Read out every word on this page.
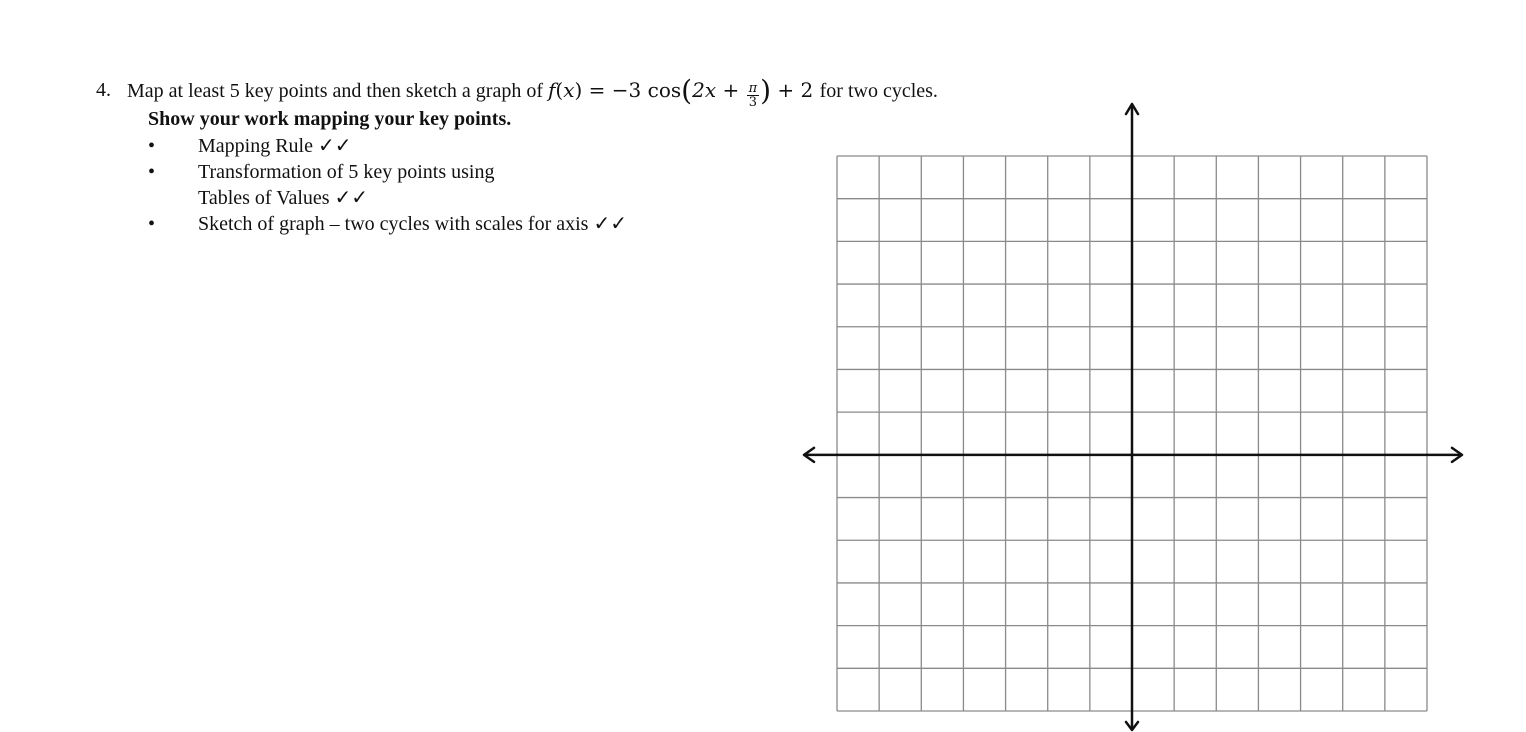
4. Map at least 5 key points and then sketch a graph of f(x) = −3 $\cos(2x + \frac{\pi}{3}$ ) + 2 for two cycles.
Show your work mapping your key points.
• Mapping Rule ✓✓
• Transformation of 5 key points using
Tables of Values ✓✓
• Sketch of graph – two cycles with scales for axis ✓✓
